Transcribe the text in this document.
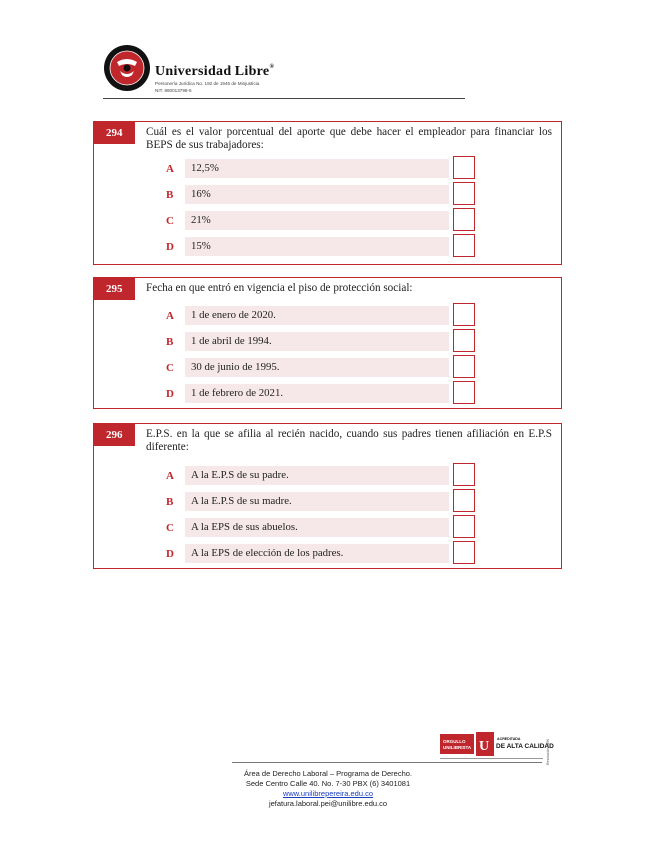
Universidad Libre®
Personería Jurídica No. 192 de 1946 de Minjusticia
NIT. 860013798-5
294	Cuál es el valor porcentual del aporte que debe hacer el empleador para financiar los BEPS de sus trabajadores:
A	12,5%
B	16%
C	21%
D	15%
295	Fecha en que entró en vigencia el piso de protección social:
A	1 de enero de 2020.
B	1 de abril de 1994.
C	30 de junio de 1995.
D	1 de febrero de 2021.
296	E.P.S. en la que se afilia al recién nacido, cuando sus padres tienen afiliación en E.P.S diferente:
A	A la E.P.S de su padre.
B	A la E.P.S de su madre.
C	A la EPS de sus abuelos.
D	A la EPS de elección de los padres.
ORGULLO
UNILIBRISTA U ACREDITADA
DE ALTA CALIDAD
Resolución MEN
Área de Derecho Laboral – Programa de Derecho.
Sede Centro Calle 40. No. 7-30 PBX (6) 3401081
www.unilibrepereira.edu.co
jefatura.laboral.pei@unilibre.edu.co
